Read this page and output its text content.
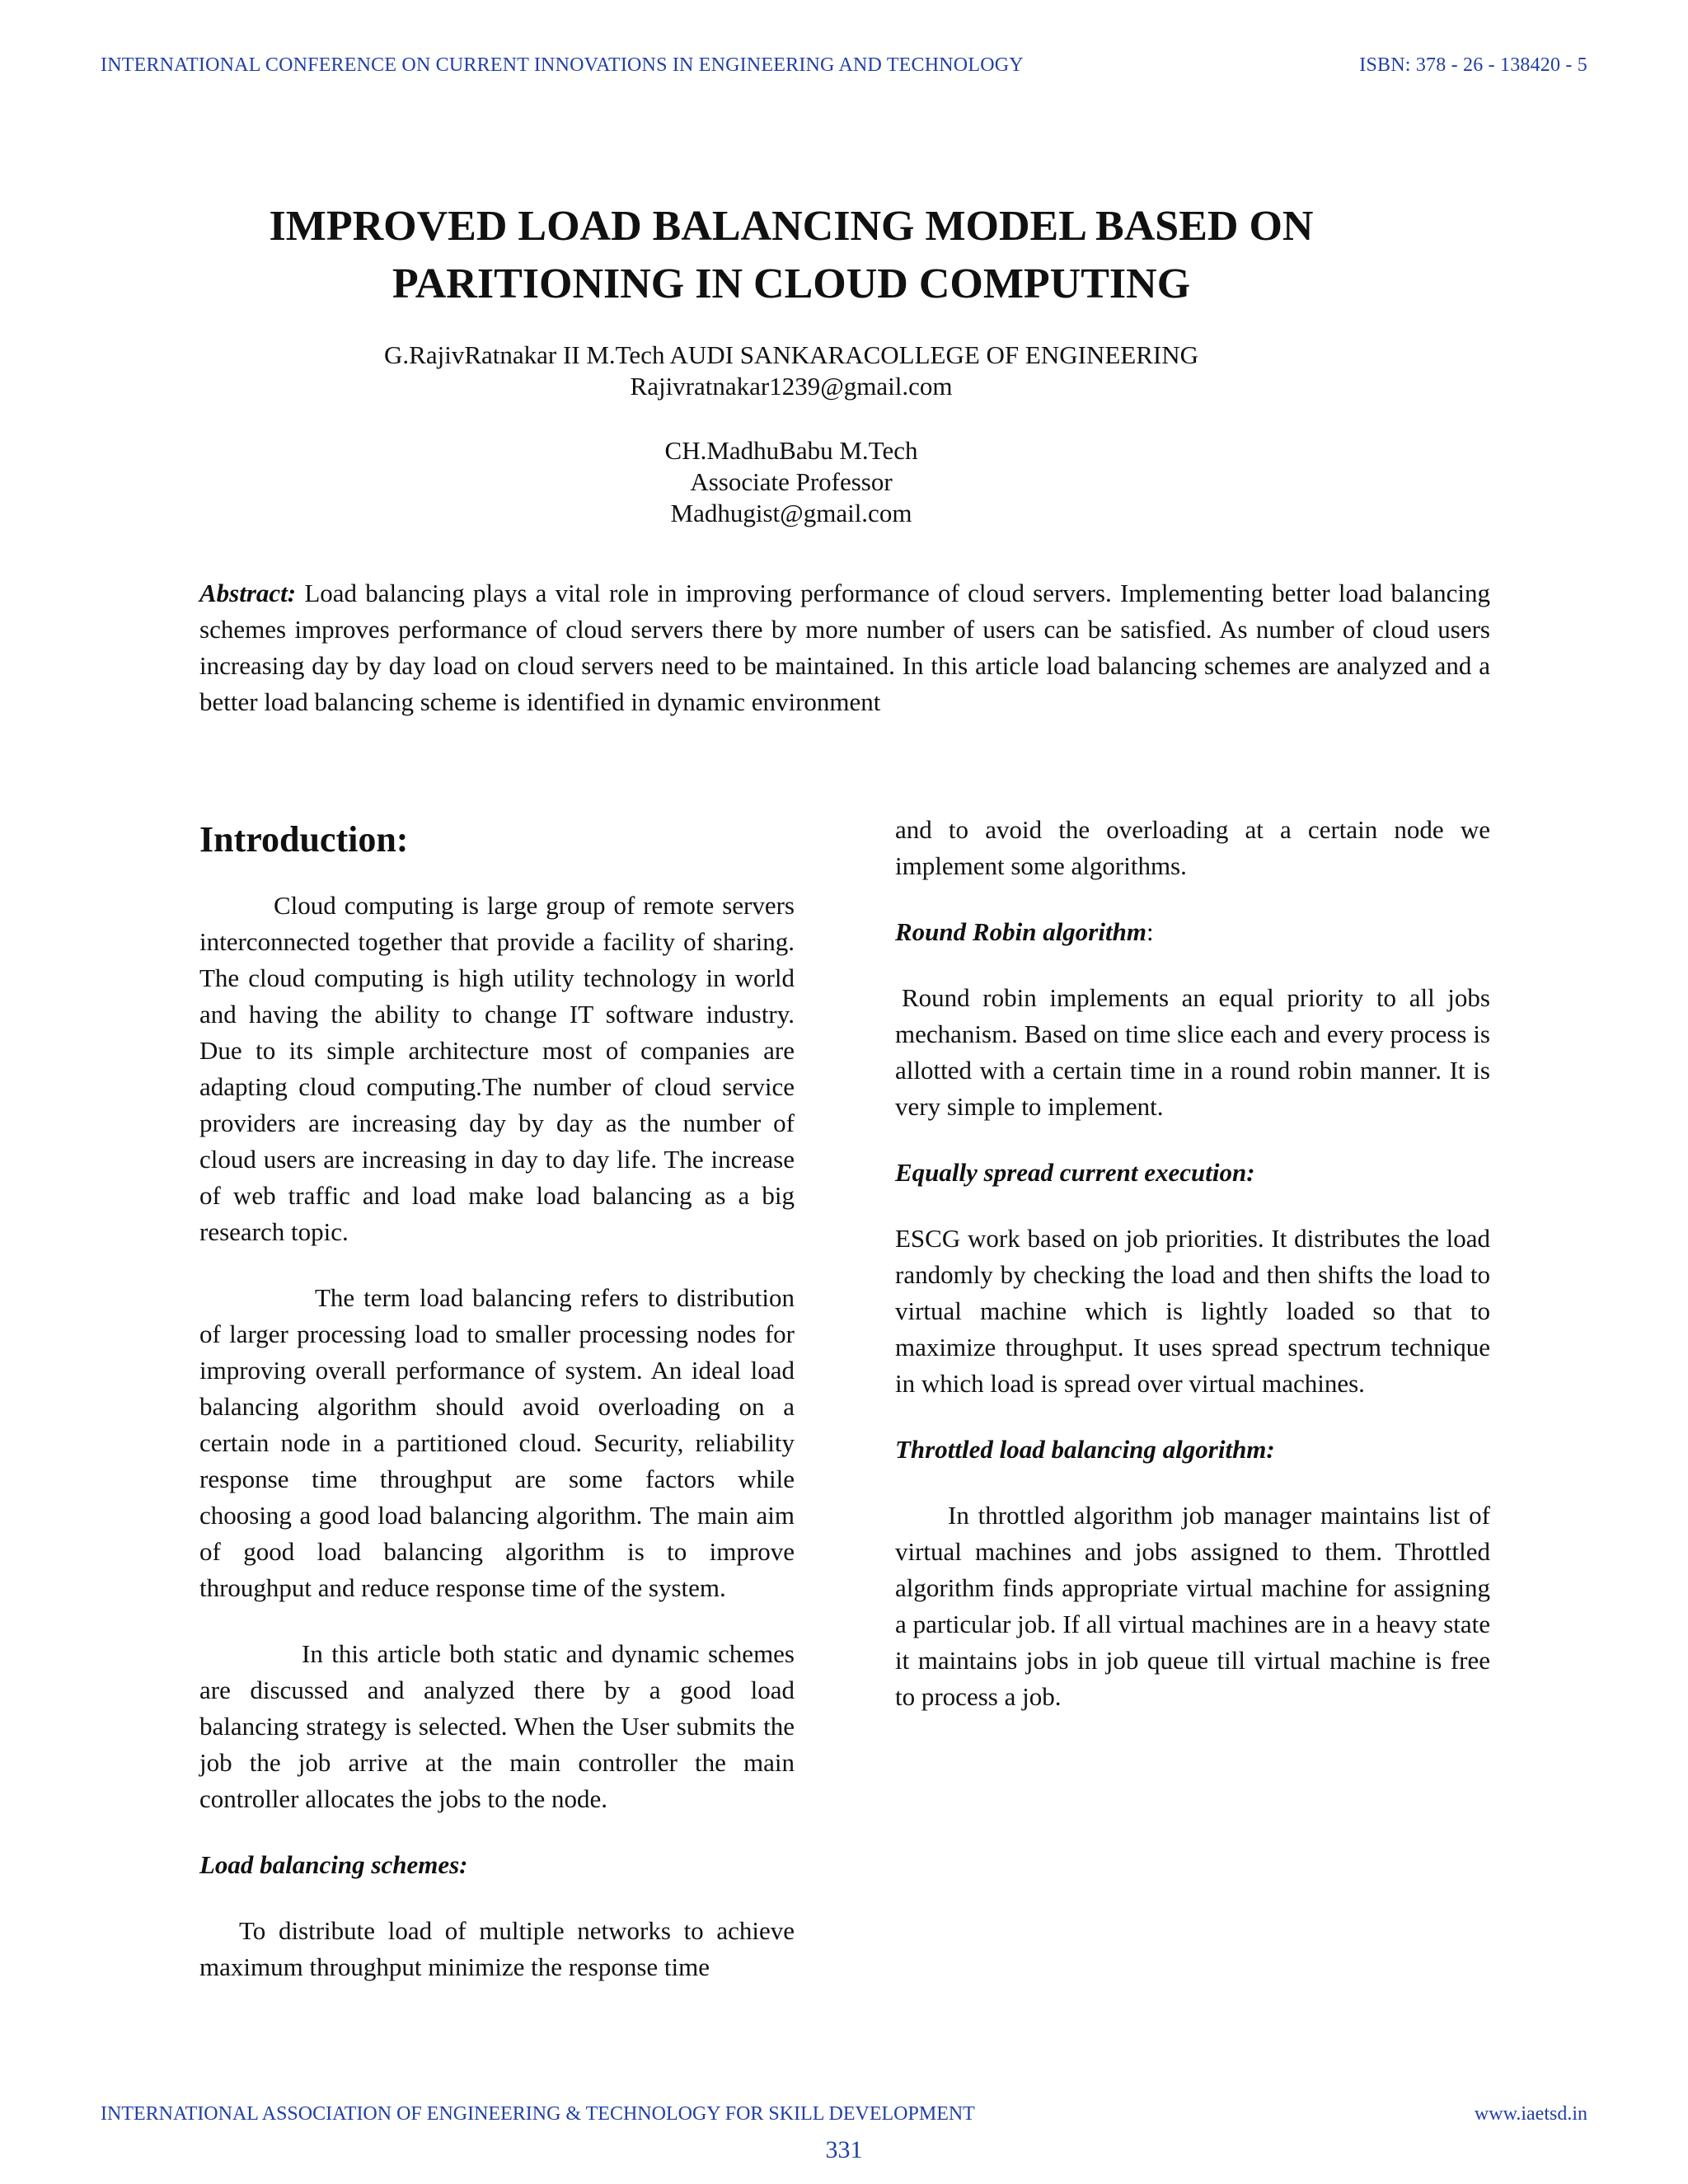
INTERNATIONAL CONFERENCE ON CURRENT INNOVATIONS IN ENGINEERING AND TECHNOLOGY	ISBN: 378 - 26 - 138420 - 5
IMPROVED LOAD BALANCING MODEL BASED ON
PARITIONING IN CLOUD COMPUTING
G.RajivRatnakar II M.Tech AUDI SANKARACOLLEGE OF ENGINEERING
Rajivratnakar1239@gmail.com
CH.MadhuBabu M.Tech
Associate Professor
Madhugist@gmail.com
Abstract: Load balancing plays a vital role in improving performance of cloud servers. Implementing better load balancing schemes improves performance of cloud servers there by more number of users can be satisfied. As number of cloud users increasing day by day load on cloud servers need to be maintained. In this article load balancing schemes are analyzed and a better load balancing scheme is identified in dynamic environment
Introduction:

Cloud computing is large group of remote servers interconnected together that provide a facility of sharing. The cloud computing is high utility technology in world and having the ability to change IT software industry. Due to its simple architecture most of companies are adapting cloud computing.The number of cloud service providers are increasing day by day as the number of cloud users are increasing in day to day life. The increase of web traffic and load make load balancing as a big research topic.

The term load balancing refers to distribution of larger processing load to smaller processing nodes for improving overall performance of system. An ideal load balancing algorithm should avoid overloading on a certain node in a partitioned cloud. Security, reliability response time throughput are some factors while choosing a good load balancing algorithm. The main aim of good load balancing algorithm is to improve throughput and reduce response time of the system.

In this article both static and dynamic schemes are discussed and analyzed there by a good load balancing strategy is selected. When the User submits the job the job arrive at the main controller the main controller allocates the jobs to the node.

Load balancing schemes:

To distribute load of multiple networks to achieve maximum throughput minimize the response time

and to avoid the overloading at a certain node we implement some algorithms.

Round Robin algorithm:

Round robin implements an equal priority to all jobs mechanism. Based on time slice each and every process is allotted with a certain time in a round robin manner. It is very simple to implement.

Equally spread current execution:

ESCG work based on job priorities. It distributes the load randomly by checking the load and then shifts the load to virtual machine which is lightly loaded so that to maximize throughput. It uses spread spectrum technique in which load is spread over virtual machines.

Throttled load balancing algorithm:

In throttled algorithm job manager maintains list of virtual machines and jobs assigned to them. Throttled algorithm finds appropriate virtual machine for assigning a particular job. If all virtual machines are in a heavy state it maintains jobs in job queue till virtual machine is free to process a job.

INTERNATIONAL ASSOCIATION OF ENGINEERING & TECHNOLOGY FOR SKILL DEVELOPMENT	www.iaetsd.in
331
